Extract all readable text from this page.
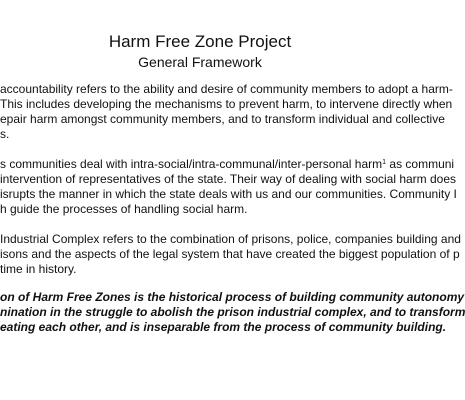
Harm Free Zone Project
General Framework
accountability refers to the ability and desire of community members to adopt a harm-
This includes developing the mechanisms to prevent harm, to intervene directly when
epair harm amongst community members, and to transform individual and collective
s.
s communities deal with intra-social/intra-communal/inter-personal harm$^1$ as communi
intervention of representatives of the state. Their way of dealing with social harm does
isrupts the manner in which the state deals with us and our communities. Community I
h guide the processes of handling social harm.
Industrial Complex refers to the combination of prisons, police, companies building and
isons and the aspects of the legal system that have created the biggest population of p
time in history.
on of Harm Free Zones is the historical process of building community autonomy
nination in the struggle to abolish the prison industrial complex, and to transform
eating each other, and is inseparable from the process of community building.
